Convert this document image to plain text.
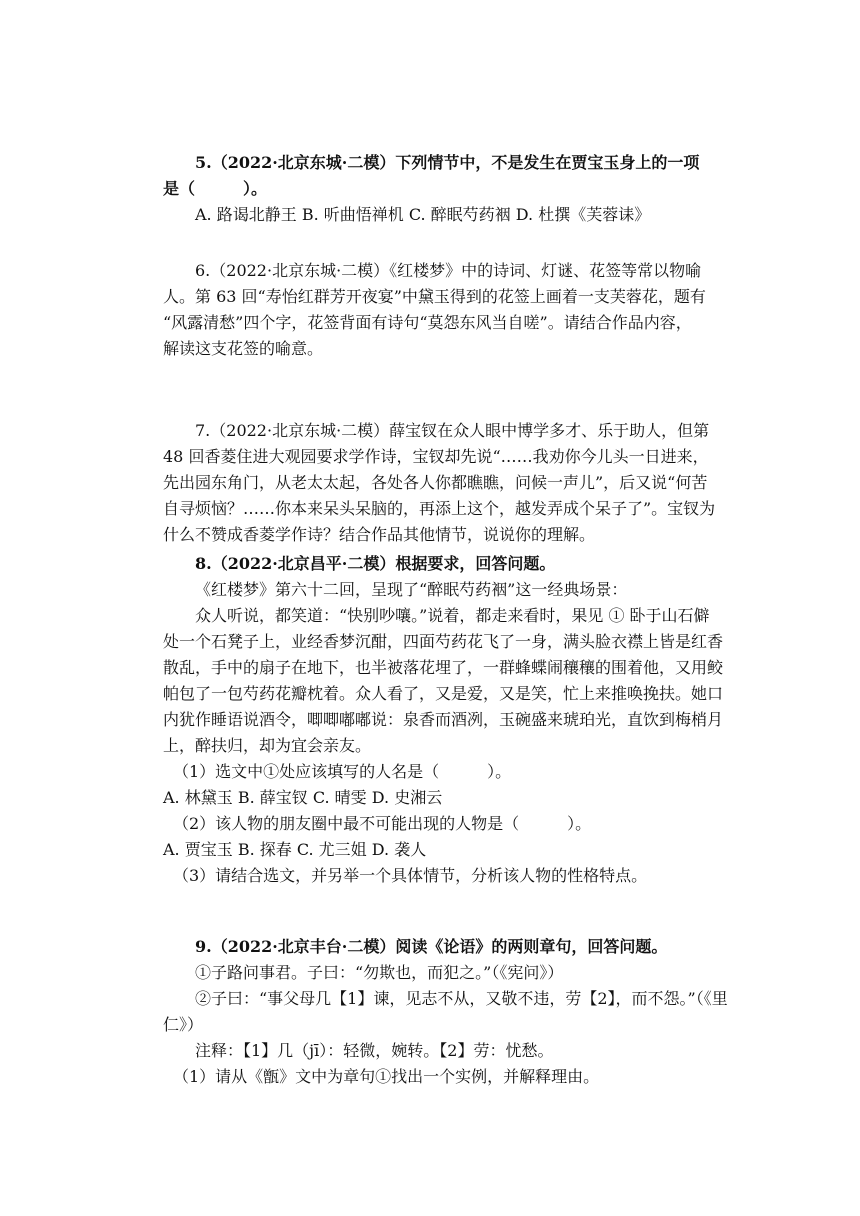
5.（2022·北京东城·二模）下列情节中，不是发生在贾宝玉身上的一项

是（　　　）。

A. 路谒北静王 B. 听曲悟禅机 C. 醉眠芍药裀 D. 杜撰《芙蓉诔》

6.（2022·北京东城·二模）《红楼梦》中的诗词、灯谜、花签等常以物喻

人。第 63 回“寿怡红群芳开夜宴”中黛玉得到的花签上画着一支芙蓉花，题有

“风露清愁”四个字，花签背面有诗句“莫怨东风当自嗟”。请结合作品内容，

解读这支花签的喻意。

7.（2022·北京东城·二模）薛宝钗在众人眼中博学多才、乐于助人，但第

48 回香菱住进大观园要求学作诗，宝钗却先说“……我劝你今儿头一日进来，

先出园东角门，从老太太起，各处各人你都瞧瞧，问候一声儿”，后又说“何苦

自寻烦恼？……你本来呆头呆脑的，再添上这个，越发弄成个呆子了”。宝钗为

什么不赞成香菱学作诗？结合作品其他情节，说说你的理解。

8.（2022·北京昌平·二模）根据要求，回答问题。

《红楼梦》第六十二回，呈现了“醉眠芍药裀”这一经典场景：

众人听说，都笑道：“快别吵嚷。”说着，都走来看时，果见 ① 卧于山石僻

处一个石凳子上，业经香梦沉酣，四面芍药花飞了一身，满头脸衣襟上皆是红香

散乱，手中的扇子在地下，也半被落花埋了，一群蜂蝶闹穰穰的围着他，又用鲛

帕包了一包芍药花瓣枕着。众人看了，又是爱，又是笑，忙上来推唤挽扶。她口

内犹作睡语说酒令，唧唧嘟嘟说：泉香而酒冽，玉碗盛来琥珀光，直饮到梅梢月

上，醉扶归，却为宜会亲友。

（1）选文中①处应该填写的人名是（　　　）。

A. 林黛玉 B. 薛宝钗 C. 晴雯 D. 史湘云

（2）该人物的朋友圈中最不可能出现的人物是（　　　）。

A. 贾宝玉 B. 探春 C. 尤三姐 D. 袭人

（3）请结合选文，并另举一个具体情节，分析该人物的性格特点。

9.（2022·北京丰台·二模）阅读《论语》的两则章句，回答问题。

①子路问事君。子曰：“勿欺也，而犯之。”（《宪问》）

②子曰：“事父母几【1】谏，见志不从，又敬不违，劳【2】，而不怨。”（《里

仁》）

注释：【1】几（jī）：轻微，婉转。【2】劳：忧愁。

（1）请从《甑》文中为章句①找出一个实例，并解释理由。
